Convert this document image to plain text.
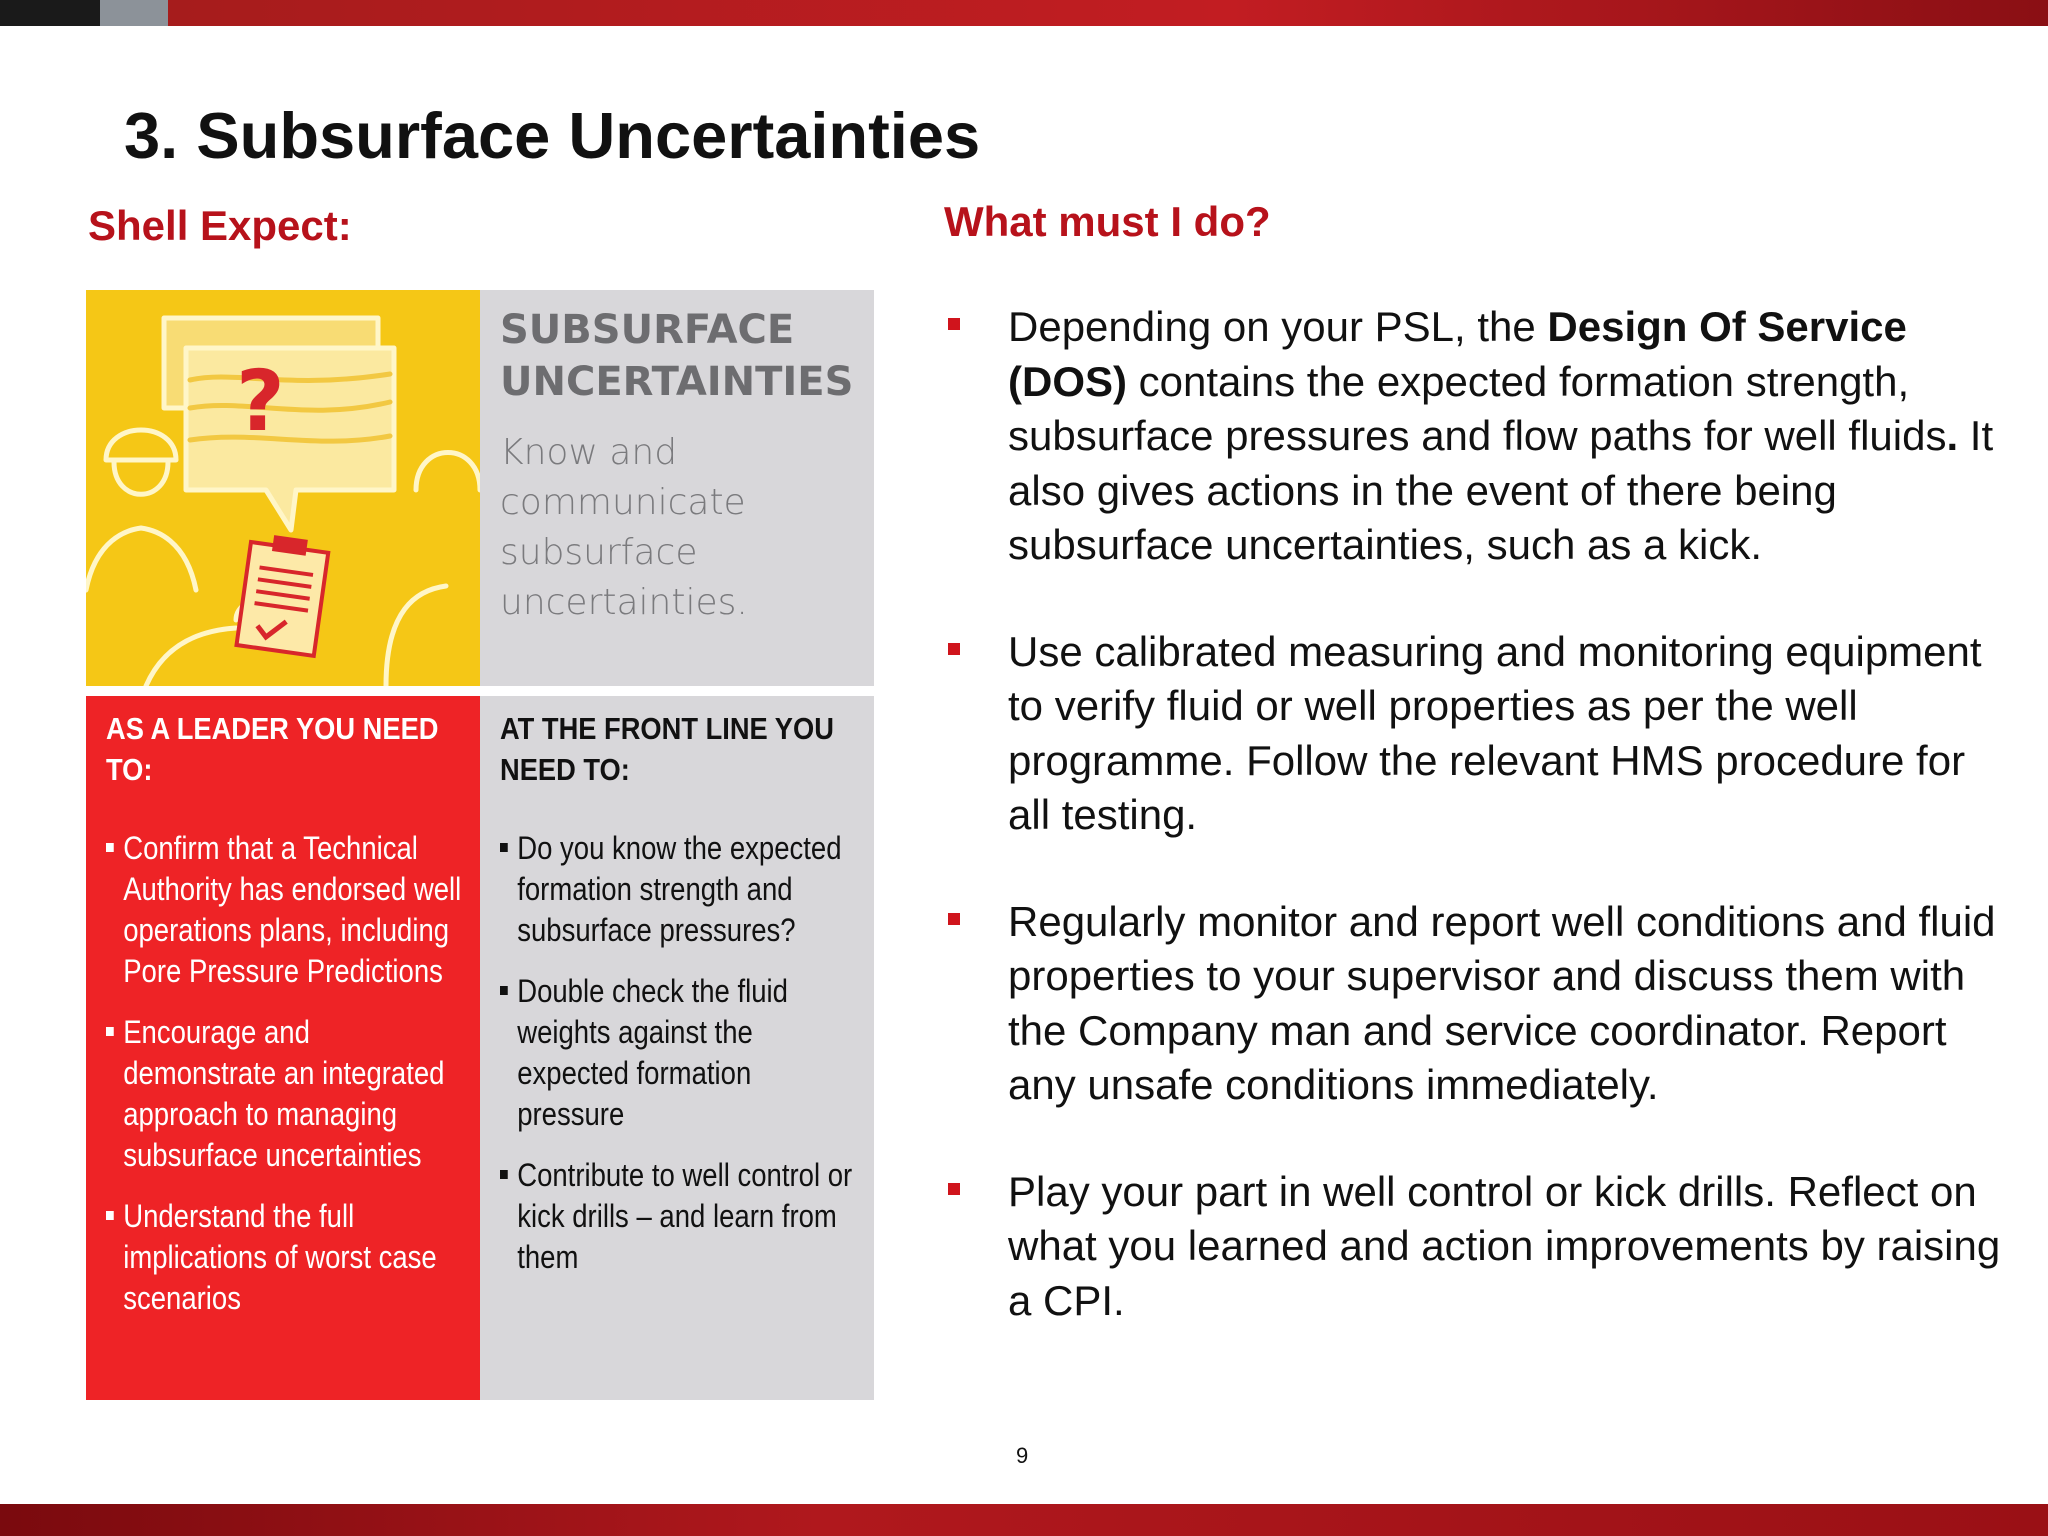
3. Subsurface Uncertainties
Shell Expect:	What must I do?
?
SUBSURFACE
UNCERTAINTIES
Know and
communicate
subsurface
uncertainties.
AS A LEADER YOU NEED TO:
Confirm that a Technical Authority has endorsed well operations plans, including Pore Pressure Predictions
Encourage and demonstrate an integrated approach to managing subsurface uncertainties
Understand the full implications of worst case scenarios
AT THE FRONT LINE YOU NEED TO:
Do you know the expected formation strength and subsurface pressures?
Double check the fluid weights against the expected formation pressure
Contribute to well control or kick drills – and learn from them
Depending on your PSL, the Design Of Service (DOS) contains the expected formation strength, subsurface pressures and flow paths for well fluids. It also gives actions in the event of there being subsurface uncertainties, such as a kick.
Use calibrated measuring and monitoring equipment to verify fluid or well properties as per the well programme. Follow the relevant HMS procedure for all testing.
Regularly monitor and report well conditions and fluid properties to your supervisor and discuss them with the Company man and service coordinator. Report any unsafe conditions immediately.
Play your part in well control or kick drills. Reflect on what you learned and action improvements by raising a CPI.
9
